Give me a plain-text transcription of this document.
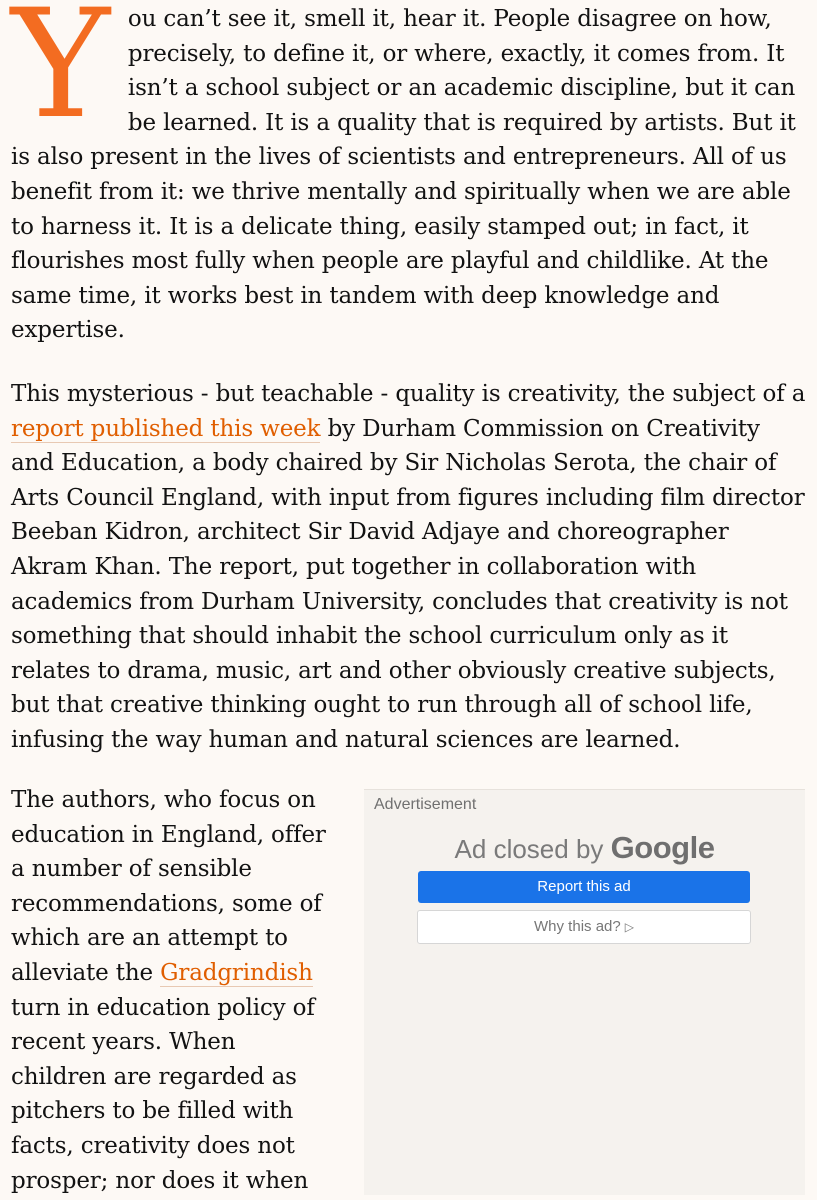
You can’t see it, smell it, hear it. People disagree on how, precisely, to define it, or where, exactly, it comes from. It isn’t a school subject or an academic discipline, but it can be learned. It is a quality that is required by artists. But it is also present in the lives of scientists and entrepreneurs. All of us benefit from it: we thrive mentally and spiritually when we are able to harness it. It is a delicate thing, easily stamped out; in fact, it flourishes most fully when people are playful and childlike. At the same time, it works best in tandem with deep knowledge and expertise.

This mysterious - but teachable - quality is creativity, the subject of a report published this week by Durham Commission on Creativity and Education, a body chaired by Sir Nicholas Serota, the chair of Arts Council England, with input from figures including film director Beeban Kidron, architect Sir David Adjaye and choreographer Akram Khan. The report, put together in collaboration with academics from Durham University, concludes that creativity is not something that should inhabit the school curriculum only as it relates to drama, music, art and other obviously creative subjects, but that creative thinking ought to run through all of school life, infusing the way human and natural sciences are learned.

The authors, who focus on education in England, offer a number of sensible recommendations, some of which are an attempt to alleviate the Gradgrindish turn in education policy of recent years. When children are regarded as pitchers to be filled with facts, creativity does not prosper; nor does it when

Advertisement
Ad closed by Google
Report this ad
Why this ad? ▷
